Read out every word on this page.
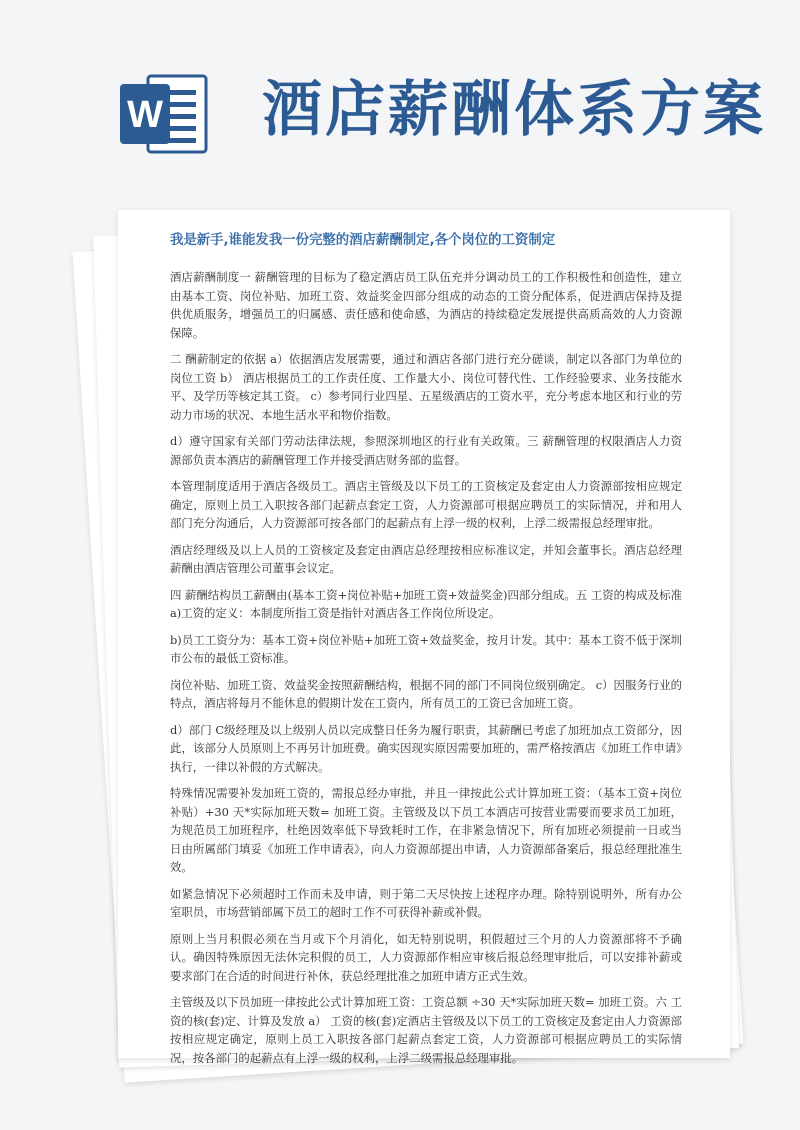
W 酒店薪酬体系方案
我是新手,谁能发我一份完整的酒店薪酬制定,各个岗位的工资制定

酒店薪酬制度一 薪酬管理的目标为了稳定酒店员工队伍充并分调动员工的工作积极性和创造性，建立由基本工资、岗位补贴、加班工资、效益奖金四部分组成的动态的工资分配体系，促进酒店保持及提供优质服务，增强员工的归属感、责任感和使命感，为酒店的持续稳定发展提供高质高效的人力资源保障。

二 酬薪制定的依据 a）依据酒店发展需要，通过和酒店各部门进行充分磋谈，制定以各部门为单位的岗位工资 b） 酒店根据员工的工作责任度、工作量大小、岗位可替代性、工作经验要求、业务技能水平、及学历等核定其工资。 c）参考同行业四星、五星级酒店的工资水平，充分考虑本地区和行业的劳动力市场的状况、本地生活水平和物价指数。

d）遵守国家有关部门劳动法律法规，参照深圳地区的行业有关政策。三 薪酬管理的权限酒店人力资源部负责本酒店的薪酬管理工作并接受酒店财务部的监督。

本管理制度适用于酒店各级员工。酒店主管级及以下员工的工资核定及套定由人力资源部按相应规定确定，原则上员工入职按各部门起薪点套定工资，人力资源部可根据应聘员工的实际情况，并和用人部门充分沟通后，人力资源部可按各部门的起薪点有上浮一级的权利，上浮二级需报总经理审批。

酒店经理级及以上人员的工资核定及套定由酒店总经理按相应标准议定，并知会董事长。酒店总经理薪酬由酒店管理公司董事会议定。

四 薪酬结构员工薪酬由(基本工资+岗位补贴+加班工资+效益奖金)四部分组成。五 工资的构成及标准 a)工资的定义：本制度所指工资是指针对酒店各工作岗位所设定。

b)员工工资分为：基本工资+岗位补贴+加班工资+效益奖金，按月计发。其中：基本工资不低于深圳市公布的最低工资标准。

岗位补贴、加班工资、效益奖金按照薪酬结构，根据不同的部门不同岗位级别确定。 c）因服务行业的特点，酒店将每月不能休息的假期计发在工资内，所有员工的工资已含加班工资。

d）部门 C级经理及以上级别人员以完成整日任务为履行职责，其薪酬已考虑了加班加点工资部分，因此，该部分人员原则上不再另计加班费。确实因现实原因需要加班的，需严格按酒店《加班工作申请》执行，一律以补假的方式解决。

特殊情况需要补发加班工资的，需报总经办审批，并且一律按此公式计算加班工资：（基本工资+岗位补贴）+30 天*实际加班天数= 加班工资。主管级及以下员工本酒店可按营业需要而要求员工加班，为规范员工加班程序，杜绝因效率低下导致耗时工作，在非紧急情况下，所有加班必须提前一日或当日由所属部门填妥《加班工作申请表》，向人力资源部提出申请，人力资源部备案后，报总经理批准生效。

如紧急情况下必须超时工作而未及申请，则于第二天尽快按上述程序办理。除特别说明外，所有办公室职员，市场营销部属下员工的超时工作不可获得补薪或补假。

原则上当月积假必须在当月或下个月消化，如无特别说明，积假超过三个月的人力资源部将不予确认。确因特殊原因无法休完积假的员工，人力资源部作相应审核后报总经理审批后，可以安排补薪或要求部门在合适的时间进行补休，获总经理批准之加班申请方正式生效。

主管级及以下员加班一律按此公式计算加班工资：工资总额 ÷30 天*实际加班天数= 加班工资。六 工资的核(套)定、计算及发放 a） 工资的核(套)定酒店主管级及以下员工的工资核定及套定由人力资源部按相应规定确定，原则上员工入职按各部门起薪点套定工资，人力资源部可根据应聘员工的实际情况，按各部门的起薪点有上浮一级的权利，上浮二级需报总经理审批。
